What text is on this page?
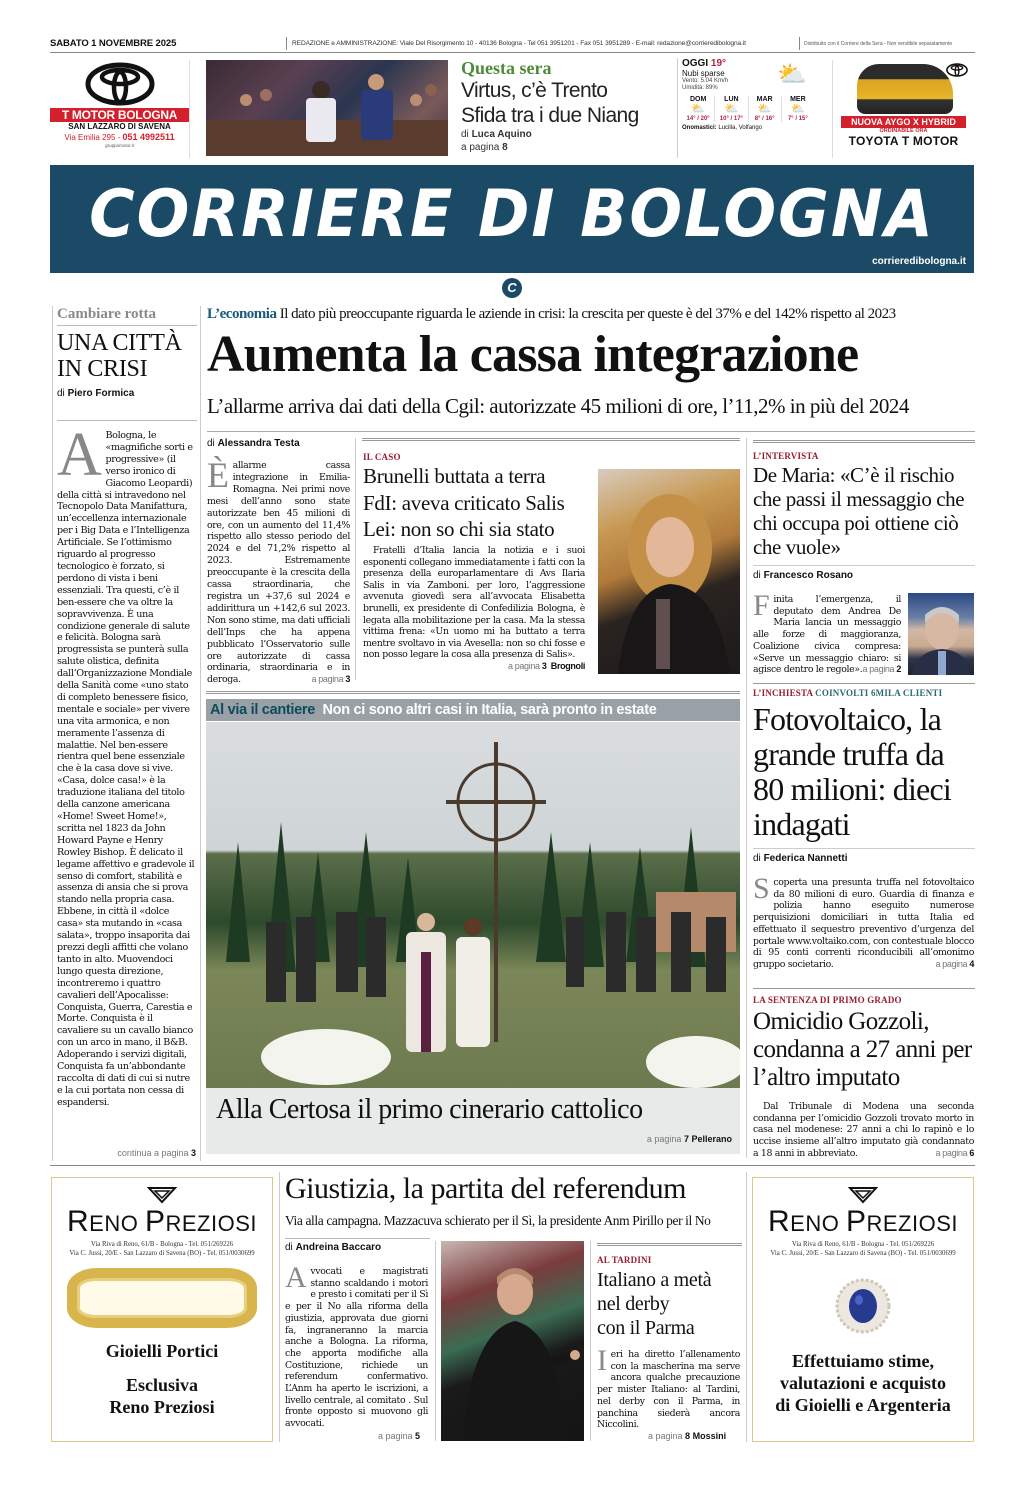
SABATO 1 NOVEMBRE 2025	REDAZIONE e AMMINISTRAZIONE: Viale Del Risorgimento 10 - 40136 Bologna - Tel 051 3951201 - Fax 051 3951289 - E-mail: redazione@corrieredibologna.it	Distribuito con il Corriere della Sera - Non vendibile separatamente
T MOTOR BOLOGNA
SAN LAZZARO DI SAVENA
Via Emilia 295 - 051 4992511
gruppomotor.it
Questa sera
Virtus, c’è Trento
Sfida tra i due Niang
di Luca Aquino
a pagina 8
OGGI 19°
Nubi sparse
Vento: 5.04 Km/h
Umidità: 89%
DOM
⛅
14° / 20°
LUN
⛅
10° / 17°
MAR
⛅
8° / 16°
MER
⛅
7° / 15°
Onomastici: Lucilla, Volfango
⛅
NUOVA AYGO X HYBRID
ORDINABILE ORA
TOYOTA T MOTOR
CORRIERE DI BOLOGNA
corrieredibologna.it
C
Cambiare rotta
UNA CITTÀ
IN CRISI
di Piero Formica
A Bologna, le «magnifiche sorti e progressive» (il verso ironico di Giacomo Leopardi) della città si intravedono nel Tecnopolo Data Manifattura, un’eccellenza internazionale per i Big Data e l’Intelligenza Artificiale. Se l’ottimismo riguardo al progresso tecnologico è forzato, si perdono di vista i beni essenziali. Tra questi, c’è il ben-essere che va oltre la sopravvivenza. È una condizione generale di salute e felicità. Bologna sarà progressista se punterà sulla salute olistica, definita dall’Organizzazione Mondiale della Sanità come «uno stato di completo benessere fisico, mentale e sociale» per vivere una vita armonica, e non meramente l’assenza di malattie. Nel ben-essere rientra quel bene essenziale che è la casa dove si vive. «Casa, dolce casa!» è la traduzione italiana del titolo della canzone americana «Home! Sweet Home!», scritta nel 1823 da John Howard Payne e Henry Rowley Bishop. È delicato il legame affettivo e gradevole il senso di comfort, stabilità e assenza di ansia che si prova stando nella propria casa. Ebbene, in città il «dolce casa» sta mutando in «casa salata», troppo insaporita dai prezzi degli affitti che volano tanto in alto. Muovendoci lungo questa direzione, incontreremo i quattro cavalieri dell’Apocalisse: Conquista, Guerra, Carestia e Morte. Conquista è il cavaliere su un cavallo bianco con un arco in mano, il B&B. Adoperando i servizi digitali, Conquista fa un’abbondante raccolta di dati di cui si nutre e la cui portata non cessa di espandersi.
continua a pagina 3
L’economia Il dato più preoccupante riguarda le aziende in crisi: la crescita per queste è del 37% e del 142% rispetto al 2023
Aumenta la cassa integrazione
L’allarme arriva dai dati della Cgil: autorizzate 45 milioni di ore, l’11,2% in più del 2024
di Alessandra Testa
Èallarme cassa integrazione in Emilia-Romagna. Nei primi nove mesi dell’anno sono state autorizzate ben 45 milioni di ore, con un aumento del 11,4% rispetto allo stesso periodo del 2024 e del 71,2% rispetto al 2023. Estremamente preoccupante è la crescita della cassa straordinaria, che registra un +37,6 sul 2024 e addirittura un +142,6 sul 2023. Non sono stime, ma dati ufficiali dell’Inps che ha appena pubblicato l’Osservatorio sulle ore autorizzate di cassa ordinaria, straordinaria e in deroga.	a pagina 3
IL CASO
Brunelli buttata a terra
FdI: aveva criticato Salis
Lei: non so chi sia stato
Fratelli d’Italia lancia la notizia e i suoi esponenti collegano immediatamente i fatti con la presenza della europarlamentare di Avs Ilaria Salis in via Zamboni. per loro, l’aggressione avvenuta giovedì sera all’avvocata Elisabetta brunelli, ex presidente di Confedilizia Bologna, è legata alla mobilitazione per la casa. Ma la stessa vittima frena: «Un uomo mi ha buttato a terra mentre svoltavo in via Avesella: non so chi fosse e non posso legare la cosa alla presenza di Salis».
a pagina 3 Brognoli
L’INTERVISTA
De Maria: «C’è il rischio che passi il messaggio che chi occupa poi ottiene ciò che vuole»
di Francesco Rosano
Finita l’emergenza, il deputato dem Andrea De Maria lancia un messaggio alle forze di maggioranza, Coalizione civica compresa: «Serve un messaggio chiaro: si agisce dentro le regole». a pagina 2
L’INCHIESTA COINVOLTI 6MILA CLIENTI
Fotovoltaico, la grande truffa da 80 milioni: dieci indagati
di Federica Nannetti
Scoperta una presunta truffa nel fotovoltaico da 80 milioni di euro. Guardia di finanza e polizia hanno eseguito numerose perquisizioni domiciliari in tutta Italia ed effettuato il sequestro preventivo d’urgenza del portale www.voltaiko.com, con contestuale blocco di 95 conti correnti riconducibili all’omonimo gruppo societario.	a pagina 4
LA SENTENZA DI PRIMO GRADO
Omicidio Gozzoli, condanna a 27 anni per l’altro imputato
Dal Tribunale di Modena una seconda condanna per l’omicidio Gozzoli trovato morto in casa nel modenese: 27 anni a chi lo rapinò e lo uccise insieme all’altro imputato già condannato a 18 anni in abbreviato.	a pagina 6
Al via il cantiere Non ci sono altri casi in Italia, sarà pronto in estate
Alla Certosa il primo cinerario cattolico
a pagina 7 Pellerano
RENO PREZIOSI
Via Riva di Reno, 61/B - Bologna - Tel. 051/269226
Via C. Jussi, 20/E - San Lazzaro di Savena (BO) - Tel. 051/0030699
Gioielli Portici
Esclusiva
Reno Preziosi
Giustizia, la partita del referendum
Via alla campagna. Mazzacuva schierato per il Sì, la presidente Anm Pirillo per il No
di Andreina Baccaro
Avvocati e magistrati stanno scaldando i motori e presto i comitati per il Sì e per il No alla riforma della giustizia, approvata due giorni fa, ingraneranno la marcia anche a Bologna. La riforma, che apporta modifiche alla Costituzione, richiede un referendum confermativo. L’Anm ha aperto le iscrizioni, a livello centrale, al comitato . Sul fronte opposto si muovono gli avvocati.
a pagina 5
AL TARDINI
Italiano a metà
nel derby
con il Parma
Ieri ha diretto l’allenamento con la mascherina ma serve ancora qualche precauzione per mister Italiano: al Tardini, nel derby con il Parma, in panchina siederà ancora Niccolini.
a pagina 8 Mossini
RENO PREZIOSI
Via Riva di Reno, 61/B - Bologna - Tel. 051/269226
Via C. Jussi, 20/E - San Lazzaro di Savena (BO) - Tel. 051/0030699
Effettuiamo stime,
valutazioni e acquisto
di Gioielli e Argenteria
